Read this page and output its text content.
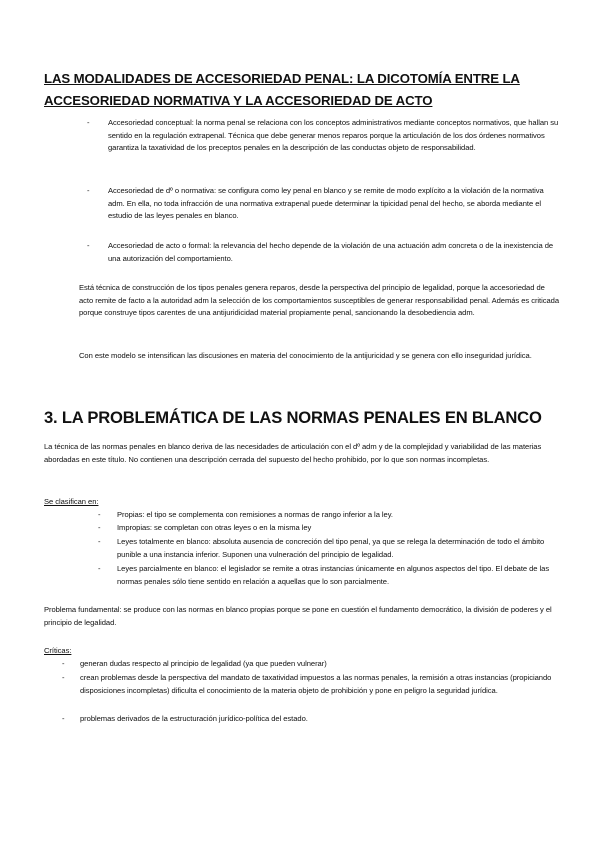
LAS MODALIDADES DE ACCESORIEDAD PENAL: LA DICOTOMÍA ENTRE LA ACCESORIEDAD NORMATIVA Y LA ACCESORIEDAD DE ACTO
- Accesoriedad conceptual: la norma penal se relaciona con los conceptos administrativos mediante conceptos normativos, que hallan su sentido en la regulación extrapenal. Técnica que debe generar menos reparos porque la articulación de los dos órdenes normativos garantiza la taxatividad de los preceptos penales en la descripción de las conductas objeto de responsabilidad.
- Accesoriedad de dº o normativa: se configura como ley penal en blanco y se remite de modo explícito a la violación de la normativa adm. En ella, no toda infracción de una normativa extrapenal puede determinar la tipicidad penal del hecho, se aborda mediante el estudio de las leyes penales en blanco.
- Accesoriedad de acto o formal: la relevancia del hecho depende de la violación de una actuación adm concreta o de la inexistencia de una autorización del comportamiento.

Está técnica de construcción de los tipos penales genera reparos, desde la perspectiva del principio de legalidad, porque la accesoriedad de acto remite de facto a la autoridad adm la selección de los comportamientos susceptibles de generar responsabilidad penal. Además es criticada porque construye tipos carentes de una antijuridicidad material propiamente penal, sancionando la desobediencia adm.

Con este modelo se intensifican las discusiones en materia del conocimiento de la antijuricidad y se genera con ello inseguridad jurídica.

3. LA PROBLEMÁTICA DE LAS NORMAS PENALES EN BLANCO

La técnica de las normas penales en blanco deriva de las necesidades de articulación con el dº adm y de la complejidad y variabilidad de las materias abordadas en este título. No contienen una descripción cerrada del supuesto del hecho prohibido, por lo que son normas incompletas.

Se clasifican en:

- Propias: el tipo se complementa con remisiones a normas de rango inferior a la ley.
- Impropias: se completan con otras leyes o en la misma ley
- Leyes totalmente en blanco: absoluta ausencia de concreción del tipo penal, ya que se relega la determinación de todo el ámbito punible a una instancia inferior. Suponen una vulneración del principio de legalidad.
- Leyes parcialmente en blanco: el legislador se remite a otras instancias únicamente en algunos aspectos del tipo. El debate de las normas penales sólo tiene sentido en relación a aquellas que lo son parcialmente.

Problema fundamental: se produce con las normas en blanco propias porque se pone en cuestión el fundamento democrático, la división de poderes y el principio de legalidad.

Críticas:

- generan dudas respecto al principio de legalidad (ya que pueden vulnerar)
- crean problemas desde la perspectiva del mandato de taxatividad impuestos a las normas penales, la remisión a otras instancias (propiciando disposiciones incompletas) dificulta el conocimiento de la materia objeto de prohibición y pone en peligro la seguridad jurídica.
- problemas derivados de la estructuración jurídico-política del estado.
